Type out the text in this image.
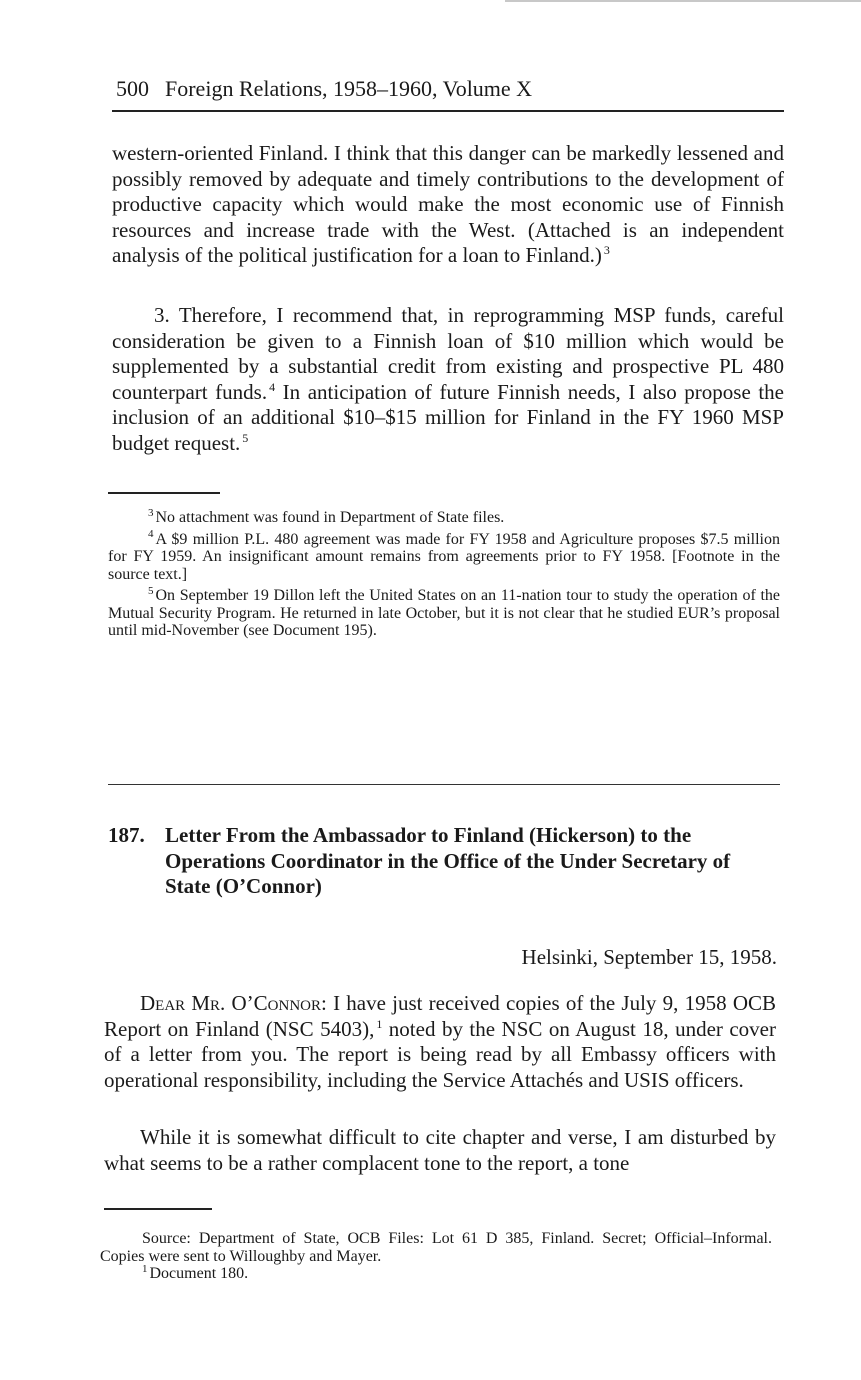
500 Foreign Relations, 1958–1960, Volume X
western-oriented Finland. I think that this danger can be markedly lessened and possibly removed by adequate and timely contributions to the development of productive capacity which would make the most economic use of Finnish resources and increase trade with the West. (Attached is an independent analysis of the political justification for a loan to Finland.) $^3$
3. Therefore, I recommend that, in reprogramming MSP funds, careful consideration be given to a Finnish loan of $10 million which would be supplemented by a substantial credit from existing and prospective PL 480 counterpart funds. $^4$ In anticipation of future Finnish needs, I also propose the inclusion of an additional $10–$15 million for Finland in the FY 1960 MSP budget request. $^5$
$^3$ No attachment was found in Department of State files.
$^4$ A $9 million P.L. 480 agreement was made for FY 1958 and Agriculture proposes $7.5 million for FY 1959. An insignificant amount remains from agreements prior to FY 1958. [Footnote in the source text.]
$^5$ On September 19 Dillon left the United States on an 11-nation tour to study the operation of the Mutual Security Program. He returned in late October, but it is not clear that he studied EUR’s proposal until mid-November (see Document 195).
187. Letter From the Ambassador to Finland (Hickerson) to the Operations Coordinator in the Office of the Under Secretary of State (O’Connor)
Helsinki, September 15, 1958.
Dear Mr. O’Connor: I have just received copies of the July 9, 1958 OCB Report on Finland (NSC 5403), $^1$ noted by the NSC on August 18, under cover of a letter from you. The report is being read by all Embassy officers with operational responsibility, including the Service Attachés and USIS officers.
While it is somewhat difficult to cite chapter and verse, I am disturbed by what seems to be a rather complacent tone to the report, a tone
Source: Department of State, OCB Files: Lot 61 D 385, Finland. Secret; Official–Informal. Copies were sent to Willoughby and Mayer.
$^1$ Document 180.
